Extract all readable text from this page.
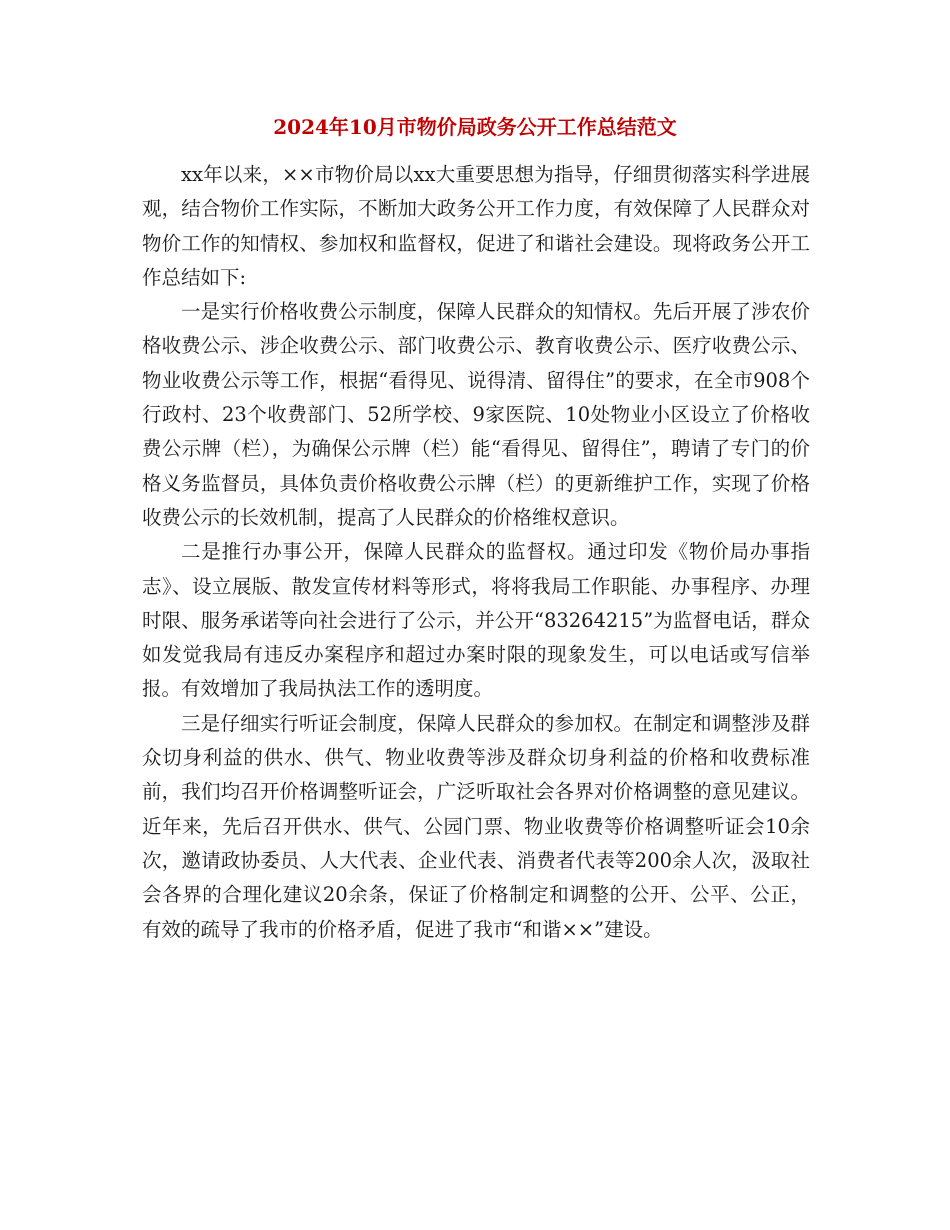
2024年10月市物价局政务公开工作总结范文

xx年以来，××市物价局以xx大重要思想为指导，仔细贯彻落实科学进展观，结合物价工作实际，不断加大政务公开工作力度，有效保障了人民群众对物价工作的知情权、参加权和监督权，促进了和谐社会建设。现将政务公开工作总结如下:

一是实行价格收费公示制度，保障人民群众的知情权。先后开展了涉农价格收费公示、涉企收费公示、部门收费公示、教育收费公示、医疗收费公示、物业收费公示等工作，根据“看得见、说得清、留得住”的要求，在全市908个行政村、23个收费部门、52所学校、9家医院、10处物业小区设立了价格收费公示牌（栏），为确保公示牌（栏）能“看得见、留得住”，聘请了专门的价格义务监督员，具体负责价格收费公示牌（栏）的更新维护工作，实现了价格收费公示的长效机制，提高了人民群众的价格维权意识。

二是推行办事公开，保障人民群众的监督权。通过印发《物价局办事指志》、设立展版、散发宣传材料等形式，将将我局工作职能、办事程序、办理时限、服务承诺等向社会进行了公示，并公开“83264215”为监督电话，群众如发觉我局有违反办案程序和超过办案时限的现象发生，可以电话或写信举报。有效增加了我局执法工作的透明度。

三是仔细实行听证会制度，保障人民群众的参加权。在制定和调整涉及群众切身利益的供水、供气、物业收费等涉及群众切身利益的价格和收费标准前，我们均召开价格调整听证会，广泛听取社会各界对价格调整的意见建议。近年来，先后召开供水、供气、公园门票、物业收费等价格调整听证会10余次，邀请政协委员、人大代表、企业代表、消费者代表等200余人次，汲取社会各界的合理化建议20余条，保证了价格制定和调整的公开、公平、公正，有效的疏导了我市的价格矛盾，促进了我市“和谐××”建设。
